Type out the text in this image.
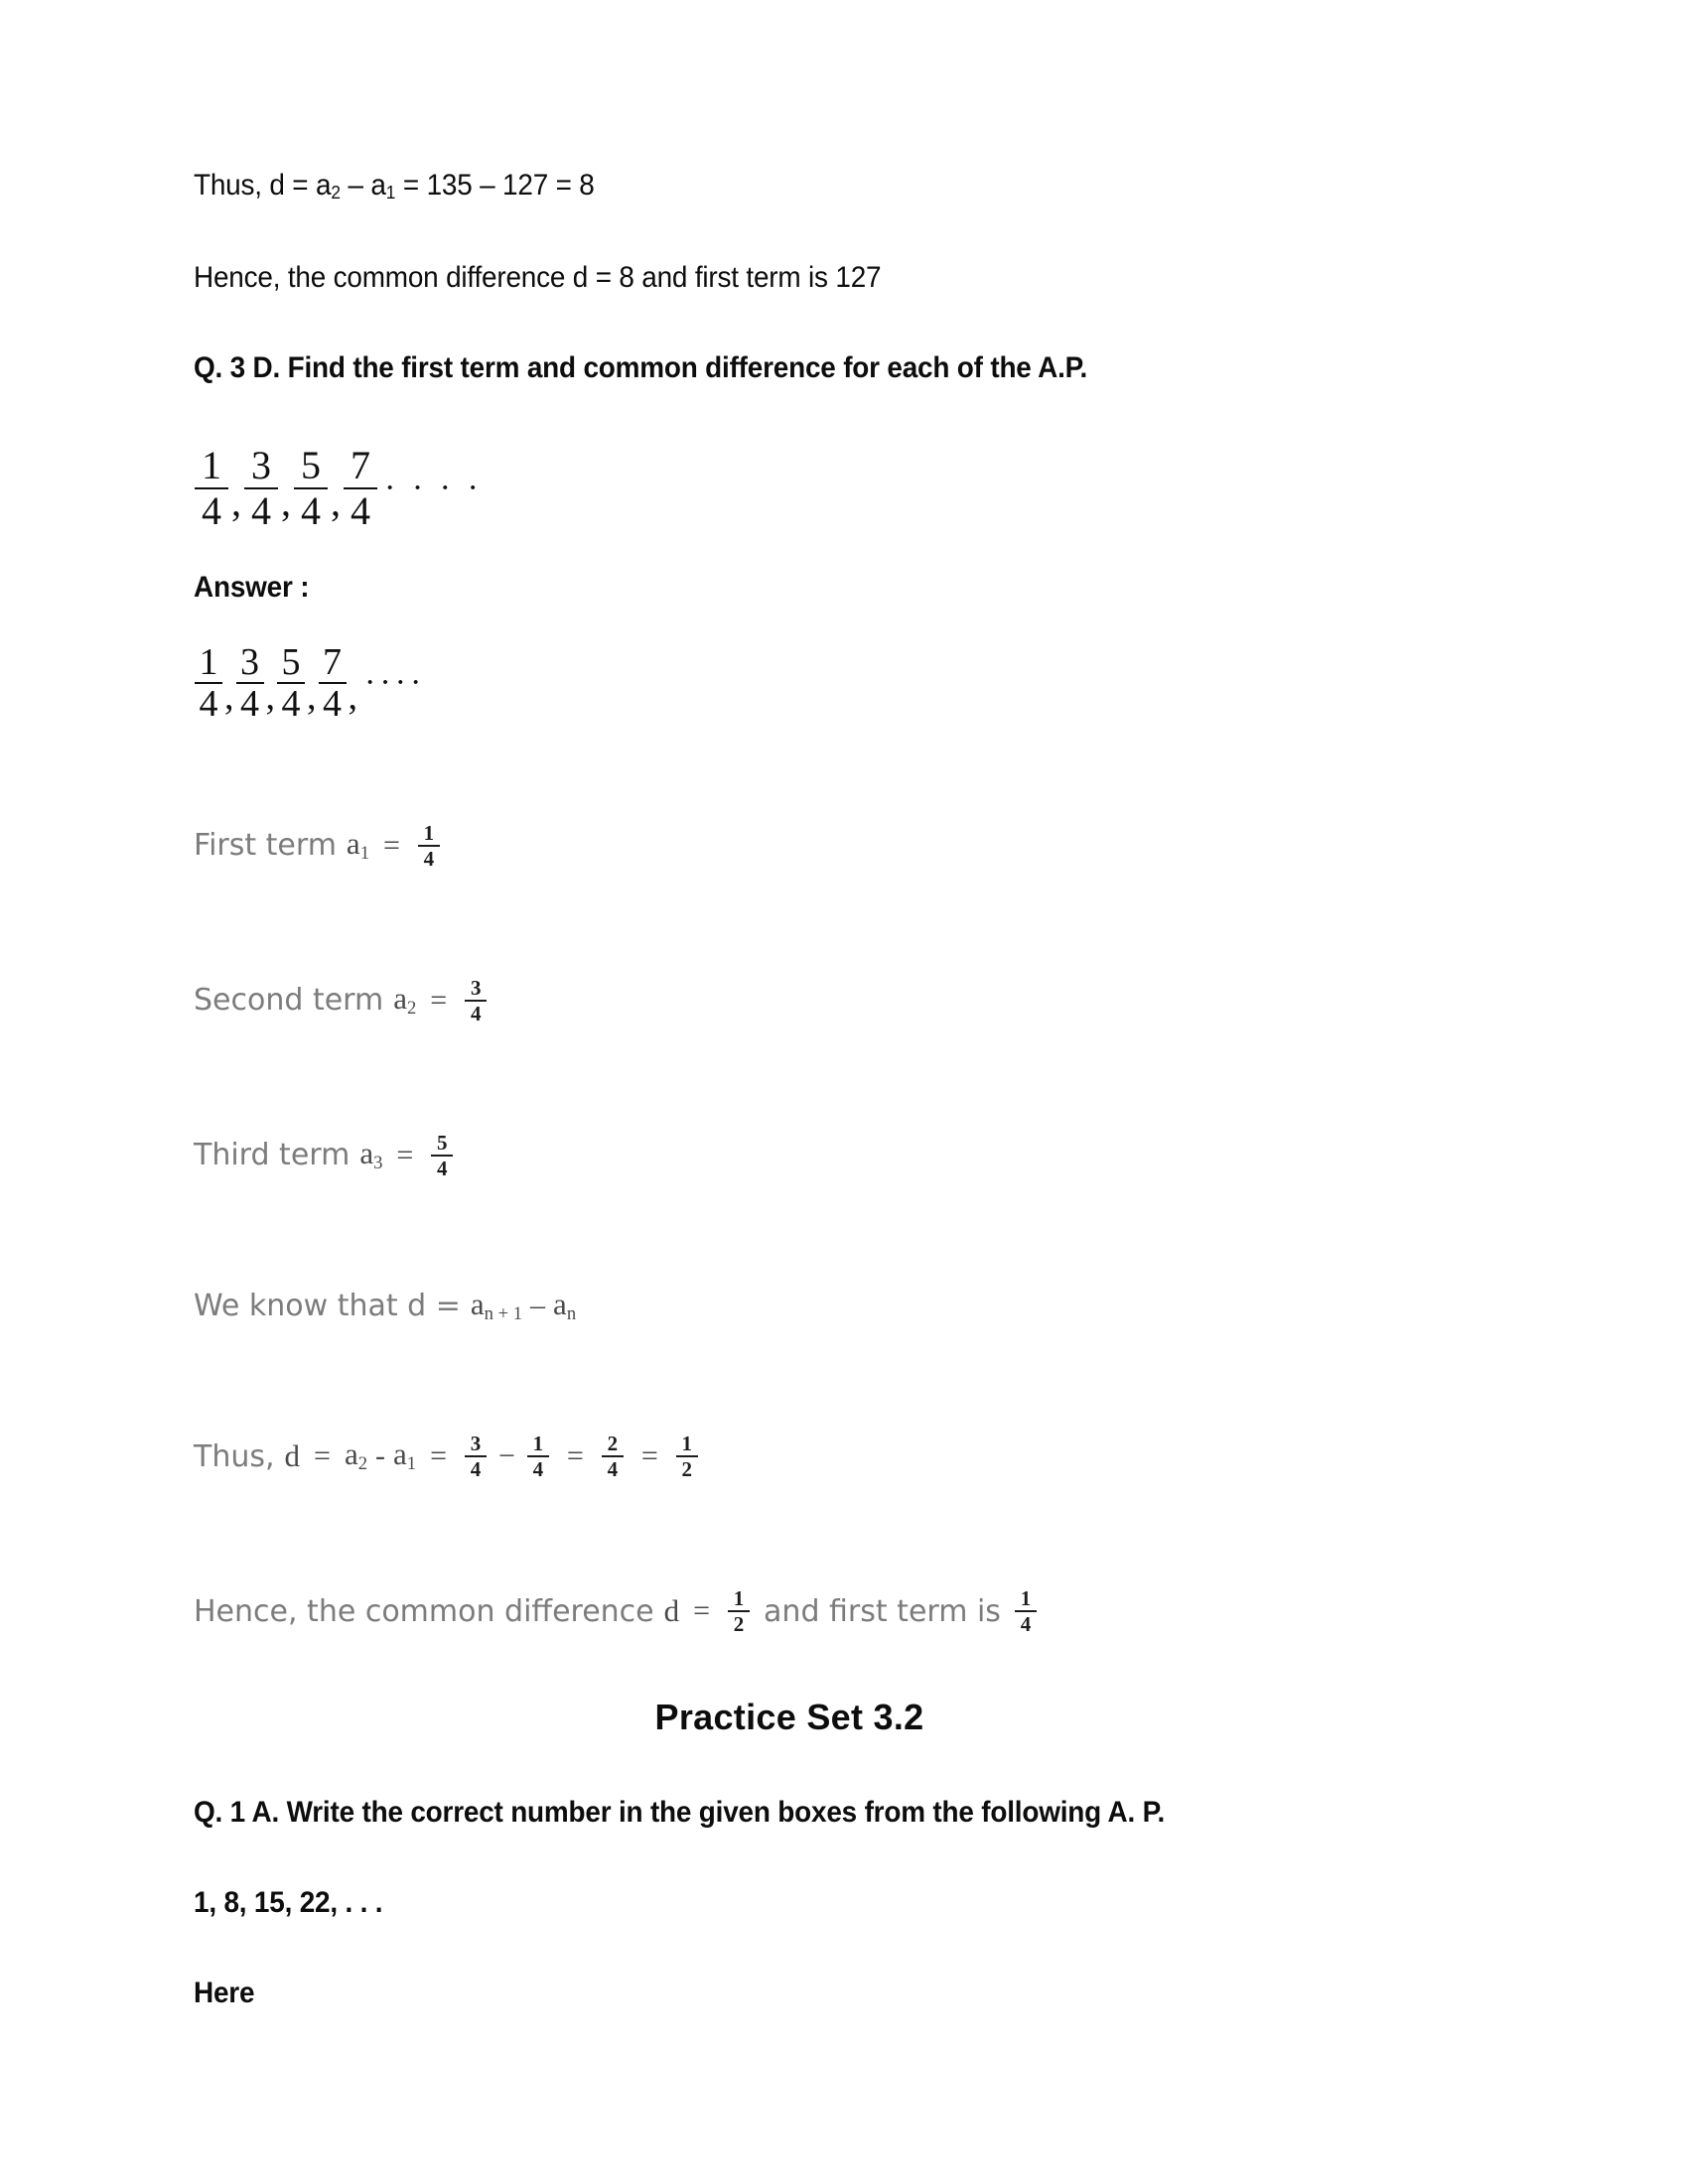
Thus, $d = a_2 - a_1 = 135 - 127 = 8$
Hence, the common difference d = 8 and first term is 127
Q. 3 D. Find the first term and common difference for each of the A.P.
$\frac{1}{4}$ , $\frac{3}{4}$ , $\frac{5}{4}$ , $\frac{7}{4}$ · · · ·
Answer :
$\frac{1}{4}$ , $\frac{3}{4}$ , $\frac{5}{4}$ , $\frac{7}{4}$ , ····
First term $a_1 = \frac{1}{4}$
Second term $a_2 = \frac{3}{4}$
Third term $a_3 = \frac{5}{4}$
We know that $d = a_{n + 1} - a_n$
Thus, $d = a_2 - a_1 = \frac{3}{4} - \frac{1}{4} = \frac{2}{4} = \frac{1}{2}$
Hence, the common difference $d = \frac{1}{2}$ and first term is $\frac{1}{4}$
Practice Set 3.2
Q. 1 A. Write the correct number in the given boxes from the following A. P.
1, 8, 15, 22, . . .
Here
